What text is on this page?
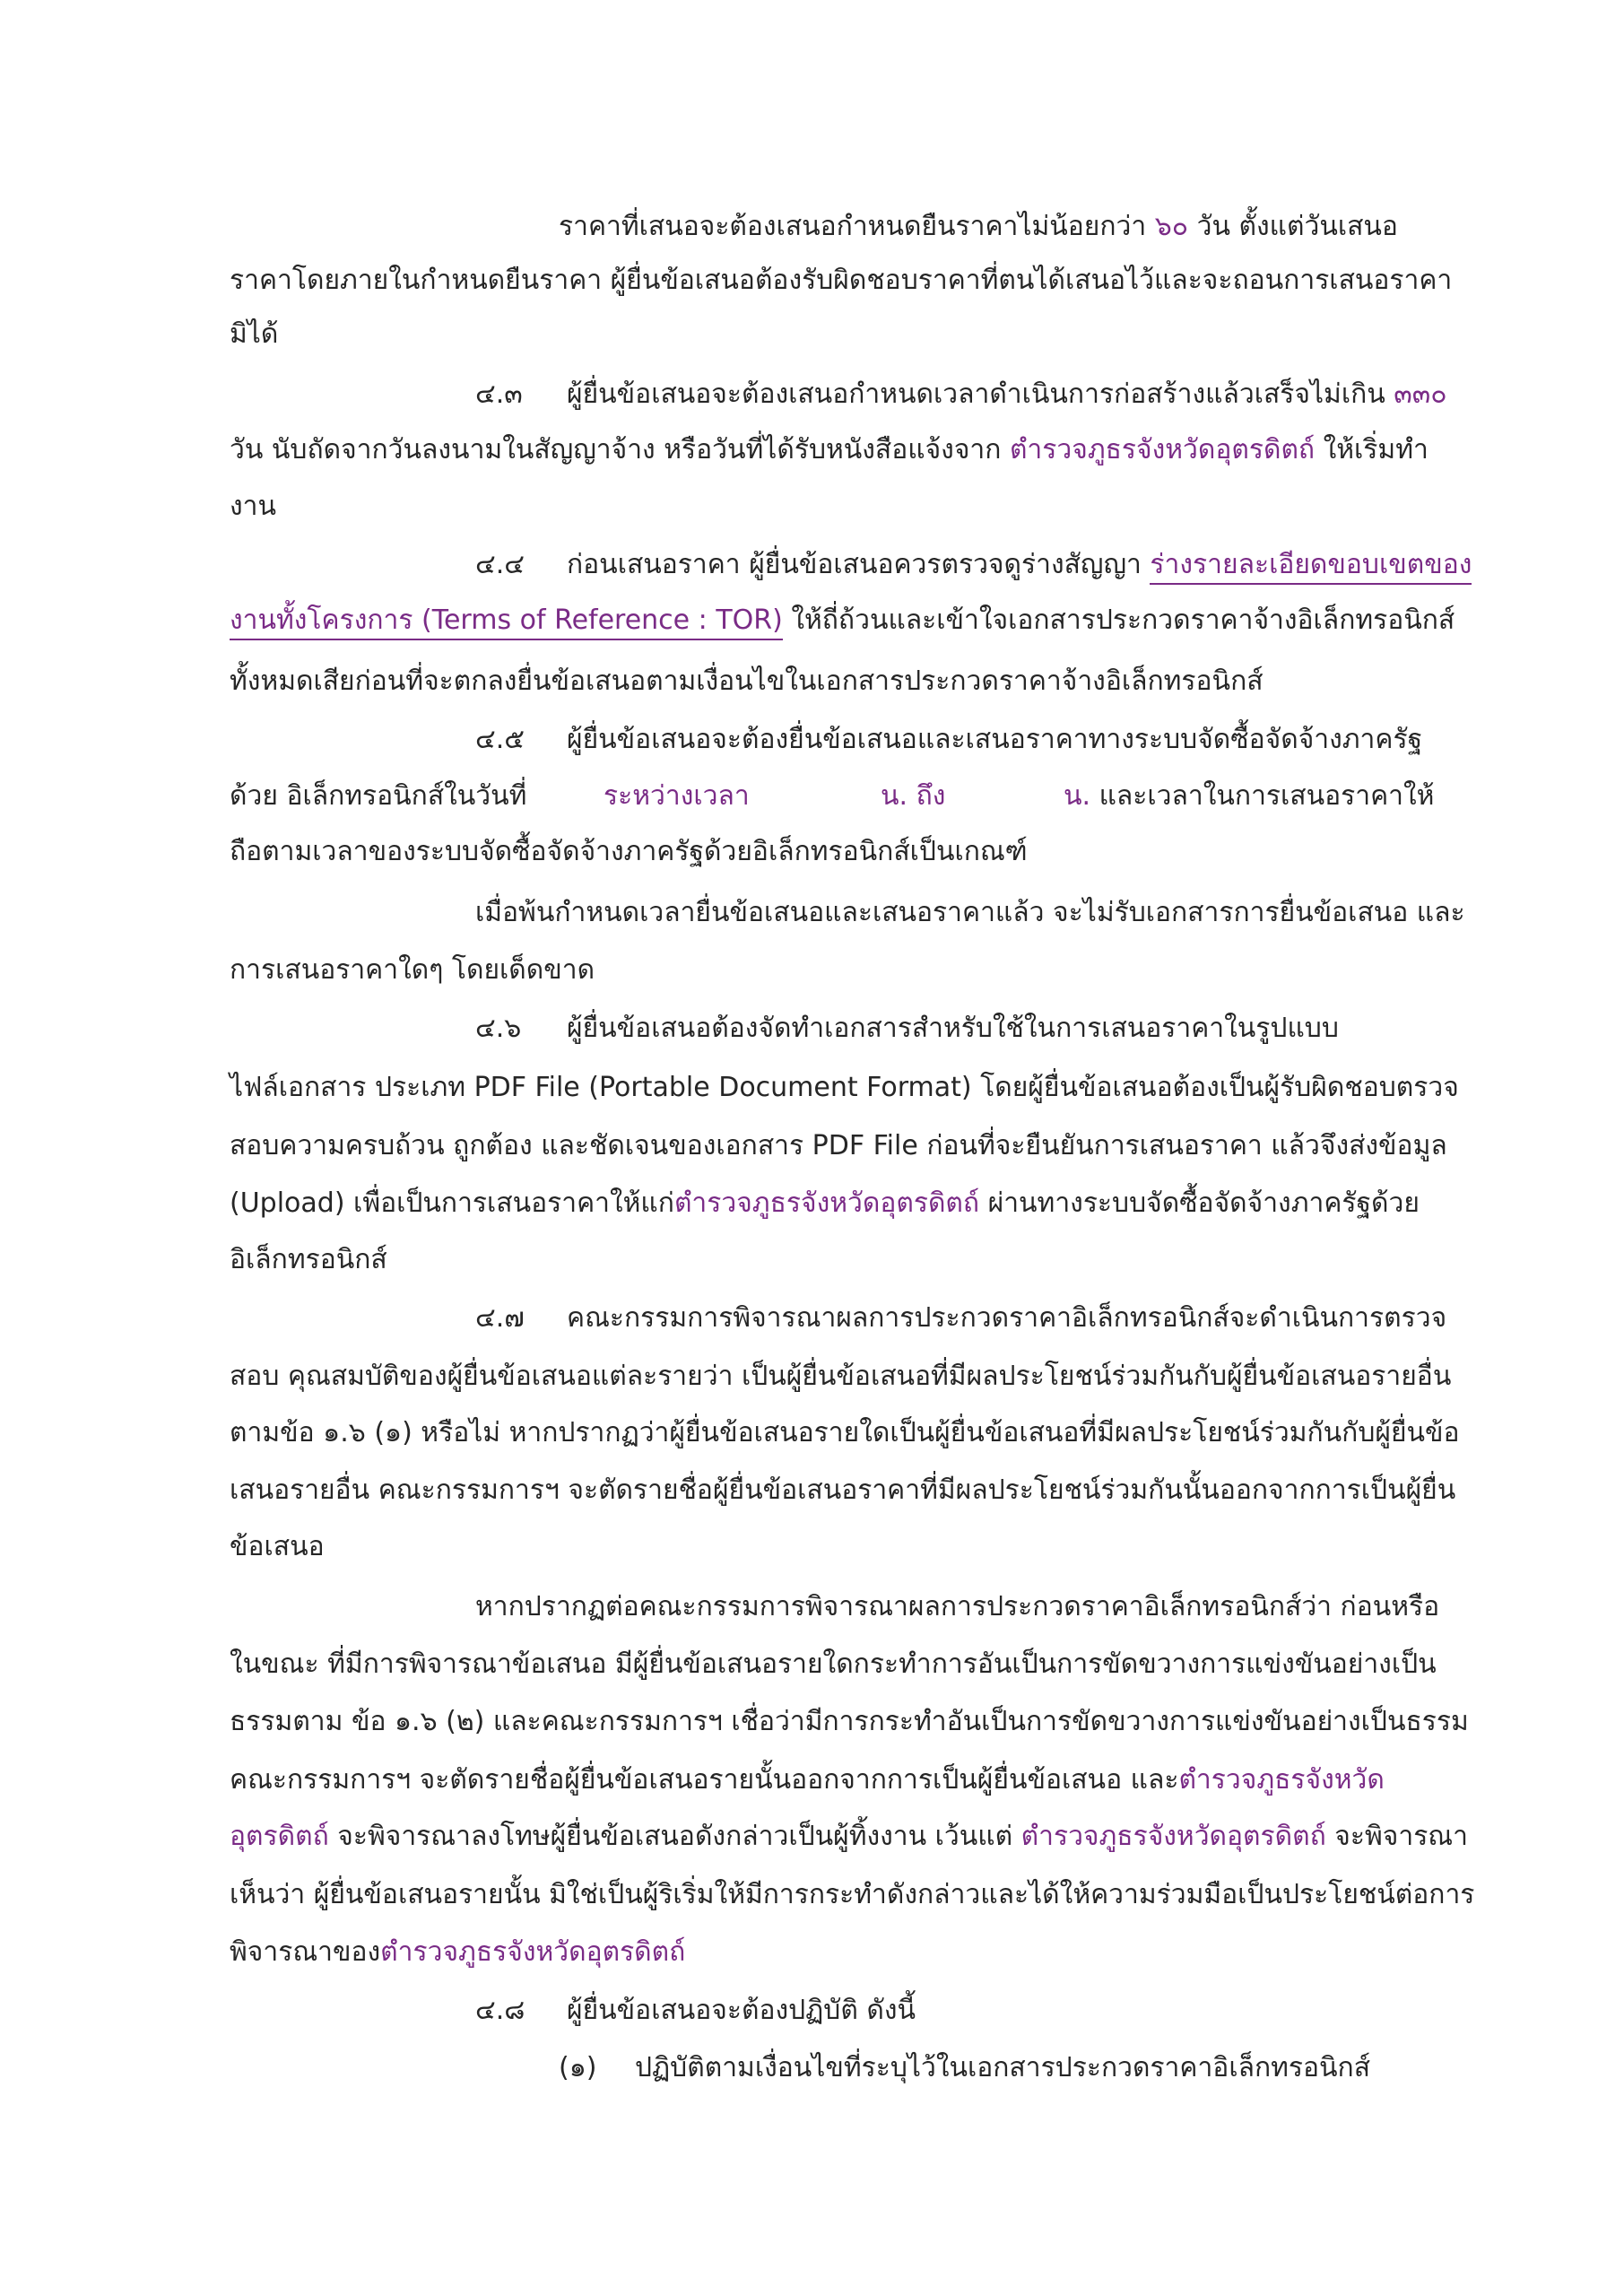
ราคาที่เสนอจะต้องเสนอกำหนดยืนราคาไม่น้อยกว่า ๖๐ วัน ตั้งแต่วันเสนอ
ราคาโดยภายในกำหนดยืนราคา ผู้ยื่นข้อเสนอต้องรับผิดชอบราคาที่ตนได้เสนอไว้และจะถอนการเสนอราคา
มิได้
๔.๓ ผู้ยื่นข้อเสนอจะต้องเสนอกำหนดเวลาดำเนินการก่อสร้างแล้วเสร็จไม่เกิน ๓๓๐
วัน นับถัดจากวันลงนามในสัญญาจ้าง หรือวันที่ได้รับหนังสือแจ้งจาก ตำรวจภูธรจังหวัดอุตรดิตถ์ ให้เริ่มทำ
งาน
๔.๔ ก่อนเสนอราคา ผู้ยื่นข้อเสนอควรตรวจดูร่างสัญญา ร่างรายละเอียดขอบเขตของ
งานทั้งโครงการ (Terms of Reference : TOR) ให้ถี่ถ้วนและเข้าใจเอกสารประกวดราคาจ้างอิเล็กทรอนิกส์
ทั้งหมดเสียก่อนที่จะตกลงยื่นข้อเสนอตามเงื่อนไขในเอกสารประกวดราคาจ้างอิเล็กทรอนิกส์
๔.๕ ผู้ยื่นข้อเสนอจะต้องยื่นข้อเสนอและเสนอราคาทางระบบจัดซื้อจัดจ้างภาครัฐ
ด้วย อิเล็กทรอนิกส์ในวันที่	ระหว่างเวลา	น. ถึง	น. และเวลาในการเสนอราคาให้
ถือตามเวลาของระบบจัดซื้อจัดจ้างภาครัฐด้วยอิเล็กทรอนิกส์เป็นเกณฑ์
เมื่อพ้นกำหนดเวลายื่นข้อเสนอและเสนอราคาแล้ว จะไม่รับเอกสารการยื่นข้อเสนอ และ
การเสนอราคาใดๆ โดยเด็ดขาด
๔.๖ ผู้ยื่นข้อเสนอต้องจัดทำเอกสารสำหรับใช้ในการเสนอราคาในรูปแบบ
ไฟล์เอกสาร ประเภท PDF File (Portable Document Format) โดยผู้ยื่นข้อเสนอต้องเป็นผู้รับผิดชอบตรวจ
สอบความครบถ้วน ถูกต้อง และชัดเจนของเอกสาร PDF File ก่อนที่จะยืนยันการเสนอราคา แล้วจึงส่งข้อมูล
(Upload) เพื่อเป็นการเสนอราคาให้แก่ตำรวจภูธรจังหวัดอุตรดิตถ์ ผ่านทางระบบจัดซื้อจัดจ้างภาครัฐด้วย
อิเล็กทรอนิกส์
๔.๗ คณะกรรมการพิจารณาผลการประกวดราคาอิเล็กทรอนิกส์จะดำเนินการตรวจ
สอบ คุณสมบัติของผู้ยื่นข้อเสนอแต่ละรายว่า เป็นผู้ยื่นข้อเสนอที่มีผลประโยชน์ร่วมกันกับผู้ยื่นข้อเสนอรายอื่น
ตามข้อ ๑.๖ (๑) หรือไม่ หากปรากฏว่าผู้ยื่นข้อเสนอรายใดเป็นผู้ยื่นข้อเสนอที่มีผลประโยชน์ร่วมกันกับผู้ยื่นข้อ
เสนอรายอื่น คณะกรรมการฯ จะตัดรายชื่อผู้ยื่นข้อเสนอราคาที่มีผลประโยชน์ร่วมกันนั้นออกจากการเป็นผู้ยื่น
ข้อเสนอ
หากปรากฏต่อคณะกรรมการพิจารณาผลการประกวดราคาอิเล็กทรอนิกส์ว่า ก่อนหรือ
ในขณะ ที่มีการพิจารณาข้อเสนอ มีผู้ยื่นข้อเสนอรายใดกระทำการอันเป็นการขัดขวางการแข่งขันอย่างเป็น
ธรรมตาม ข้อ ๑.๖ (๒) และคณะกรรมการฯ เชื่อว่ามีการกระทำอันเป็นการขัดขวางการแข่งขันอย่างเป็นธรรม
คณะกรรมการฯ จะตัดรายชื่อผู้ยื่นข้อเสนอรายนั้นออกจากการเป็นผู้ยื่นข้อเสนอ และตำรวจภูธรจังหวัด
อุตรดิตถ์ จะพิจารณาลงโทษผู้ยื่นข้อเสนอดังกล่าวเป็นผู้ทิ้งงาน เว้นแต่ ตำรวจภูธรจังหวัดอุตรดิตถ์ จะพิจารณา
เห็นว่า ผู้ยื่นข้อเสนอรายนั้น มิใช่เป็นผู้ริเริ่มให้มีการกระทำดังกล่าวและได้ให้ความร่วมมือเป็นประโยชน์ต่อการ
พิจารณาของตำรวจภูธรจังหวัดอุตรดิตถ์
๔.๘ ผู้ยื่นข้อเสนอจะต้องปฏิบัติ ดังนี้
(๑) ปฏิบัติตามเงื่อนไขที่ระบุไว้ในเอกสารประกวดราคาอิเล็กทรอนิกส์
